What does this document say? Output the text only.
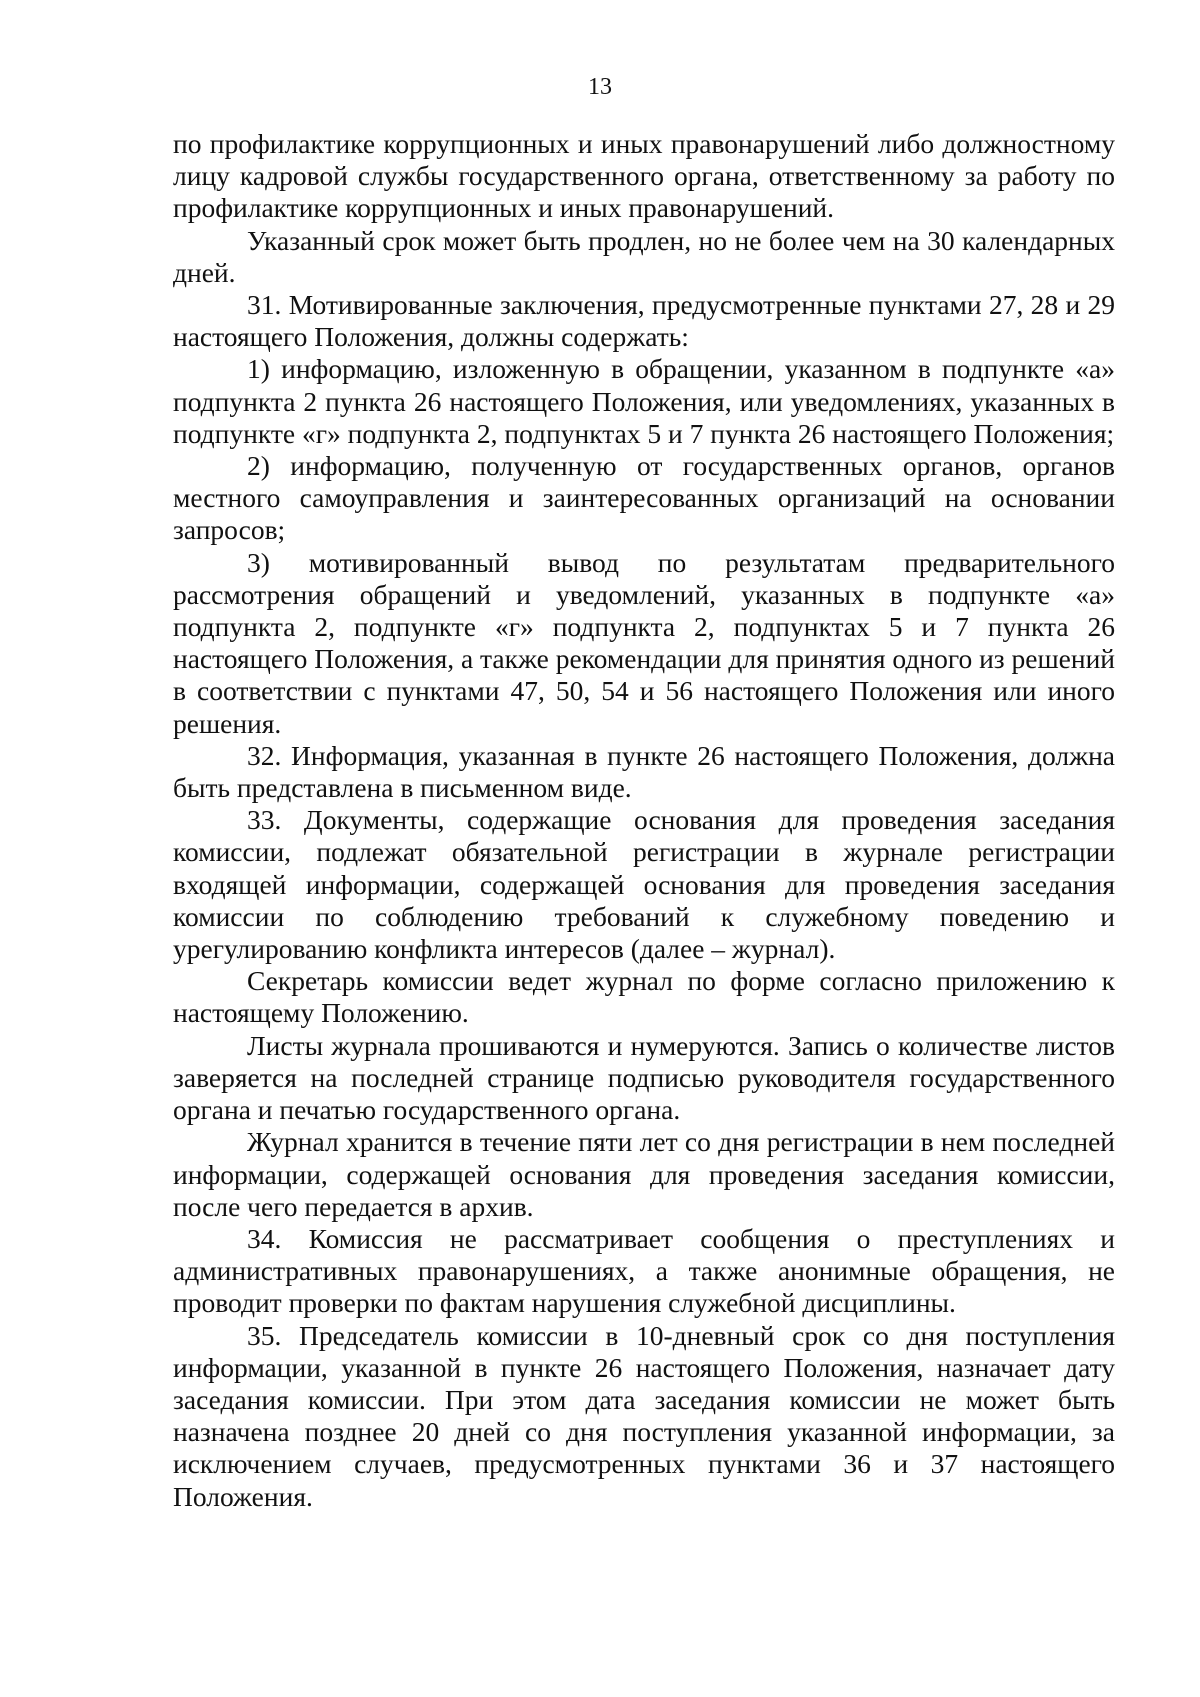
13

по профилактике коррупционных и иных правонарушений либо должностному лицу кадровой службы государственного органа, ответственному за работу по профилактике коррупционных и иных правонарушений.

Указанный срок может быть продлен, но не более чем на 30 календарных дней.

31. Мотивированные заключения, предусмотренные пунктами 27, 28 и 29 настоящего Положения, должны содержать:

1) информацию, изложенную в обращении, указанном в подпункте «а» подпункта 2 пункта 26 настоящего Положения, или уведомлениях, указанных в подпункте «г» подпункта 2, подпунктах 5 и 7 пункта 26 настоящего Положения;

2) информацию, полученную от государственных органов, органов местного самоуправления и заинтересованных организаций на основании запросов;

3) мотивированный вывод по результатам предварительного рассмотрения обращений и уведомлений, указанных в подпункте «а» подпункта 2, подпункте «г» подпункта 2, подпунктах 5 и 7 пункта 26 настоящего Положения, а также рекомендации для принятия одного из решений в соответствии с пунктами 47, 50, 54 и 56 настоящего Положения или иного решения.

32. Информация, указанная в пункте 26 настоящего Положения, должна быть представлена в письменном виде.

33. Документы, содержащие основания для проведения заседания комиссии, подлежат обязательной регистрации в журнале регистрации входящей информации, содержащей основания для проведения заседания комиссии по соблюдению требований к служебному поведению и урегулированию конфликта интересов (далее – журнал).

Секретарь комиссии ведет журнал по форме согласно приложению к настоящему Положению.

Листы журнала прошиваются и нумеруются. Запись о количестве листов заверяется на последней странице подписью руководителя государственного органа и печатью государственного органа.

Журнал хранится в течение пяти лет со дня регистрации в нем последней информации, содержащей основания для проведения заседания комиссии, после чего передается в архив.

34. Комиссия не рассматривает сообщения о преступлениях и административных правонарушениях, а также анонимные обращения, не проводит проверки по фактам нарушения служебной дисциплины.

35. Председатель комиссии в 10-дневный срок со дня поступления информации, указанной в пункте 26 настоящего Положения, назначает дату заседания комиссии. При этом дата заседания комиссии не может быть назначена позднее 20 дней со дня поступления указанной информации, за исключением случаев, предусмотренных пунктами 36 и 37 настоящего Положения.
